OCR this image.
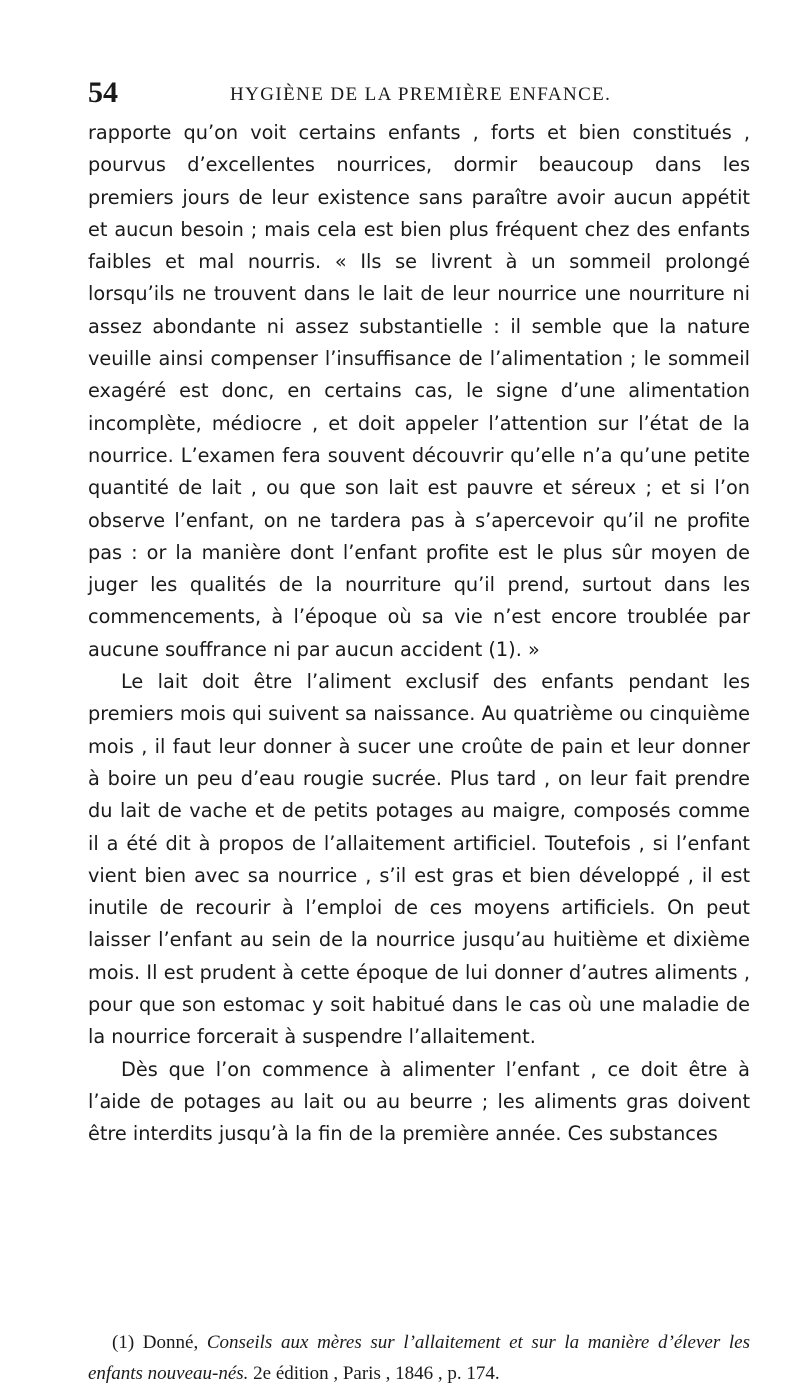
54	HYGIÈNE DE LA PREMIÈRE ENFANCE.

rapporte qu’on voit certains enfants , forts et bien constitués , pourvus d’excellentes nourrices, dormir beaucoup dans les premiers jours de leur existence sans paraître avoir aucun appétit et aucun besoin ; mais cela est bien plus fréquent chez des enfants faibles et mal nourris. « Ils se livrent à un sommeil prolongé lorsqu’ils ne trouvent dans le lait de leur nourrice une nourriture ni assez abondante ni assez substantielle : il semble que la nature veuille ainsi compenser l’insuffisance de l’alimentation ; le sommeil exagéré est donc, en certains cas, le signe d’une alimentation incomplète, médiocre , et doit appeler l’attention sur l’état de la nourrice. L’examen fera souvent découvrir qu’elle n’a qu’une petite quantité de lait , ou que son lait est pauvre et séreux ; et si l’on observe l’enfant, on ne tardera pas à s’apercevoir qu’il ne profite pas : or la manière dont l’enfant profite est le plus sûr moyen de juger les qualités de la nourriture qu’il prend, surtout dans les commencements, à l’époque où sa vie n’est encore troublée par aucune souffrance ni par aucun accident (1). »

Le lait doit être l’aliment exclusif des enfants pendant les premiers mois qui suivent sa naissance. Au quatrième ou cinquième mois , il faut leur donner à sucer une croûte de pain et leur donner à boire un peu d’eau rougie sucrée. Plus tard , on leur fait prendre du lait de vache et de petits potages au maigre, composés comme il a été dit à propos de l’allaitement artificiel. Toutefois , si l’enfant vient bien avec sa nourrice , s’il est gras et bien développé , il est inutile de recourir à l’emploi de ces moyens artificiels. On peut laisser l’enfant au sein de la nourrice jusqu’au huitième et dixième mois. Il est prudent à cette époque de lui donner d’autres aliments , pour que son estomac y soit habitué dans le cas où une maladie de la nourrice forcerait à suspendre l’allaitement.

Dès que l’on commence à alimenter l’enfant , ce doit être à l’aide de potages au lait ou au beurre ; les aliments gras doivent être interdits jusqu’à la fin de la première année. Ces substances

(1) Donné, Conseils aux mères sur l’allaitement et sur la manière d’élever les enfants nouveau-nés. 2e édition , Paris , 1846 , p. 174.
